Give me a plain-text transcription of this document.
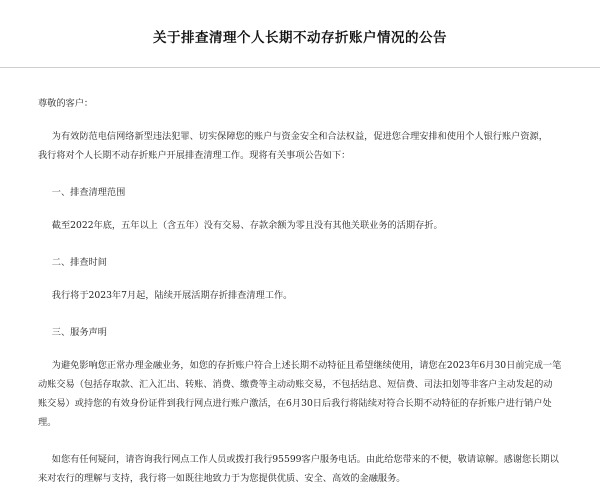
关于排查清理个人长期不动存折账户情况的公告

尊敬的客户：

为有效防范电信网络新型违法犯罪、切实保障您的账户与资金安全和合法权益，促进您合理安排和使用个人银行账户资源，
我行将对个人长期不动存折账户开展排查清理工作。现将有关事项公告如下：

一、排查清理范围

截至2022年底，五年以上（含五年）没有交易、存款余额为零且没有其他关联业务的活期存折。

二、排查时间

我行将于2023年7月起，陆续开展活期存折排查清理工作。

三、服务声明

为避免影响您正常办理金融业务，如您的存折账户符合上述长期不动特征且希望继续使用，请您在2023年6月30日前完成一笔
动账交易（包括存取款、汇入汇出、转账、消费、缴费等主动动账交易，不包括结息、短信费、司法扣划等非客户主动发起的动
账交易）或持您的有效身份证件到我行网点进行账户激活，在6月30日后我行将陆续对符合长期不动特征的存折账户进行销户处
理。

如您有任何疑问，请咨询我行网点工作人员或拨打我行95599客户服务电话。由此给您带来的不便，敬请谅解。感谢您长期以
来对农行的理解与支持，我行将一如既往地致力于为您提供优质、安全、高效的金融服务。
